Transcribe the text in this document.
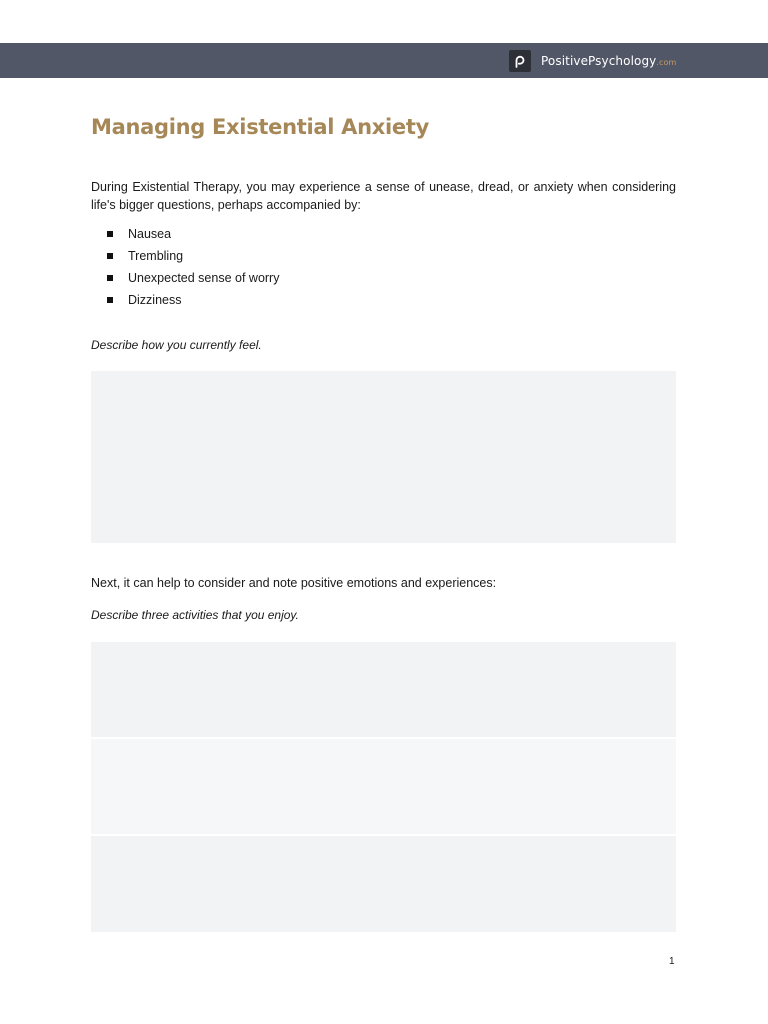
PositivePsychology.com
Managing Existential Anxiety

During Existential Therapy, you may experience a sense of unease, dread, or anxiety when considering life's bigger questions, perhaps accompanied by:

Nausea
Trembling
Unexpected sense of worry
Dizziness

Describe how you currently feel.

Next, it can help to consider and note positive emotions and experiences:

Describe three activities that you enjoy.

1
